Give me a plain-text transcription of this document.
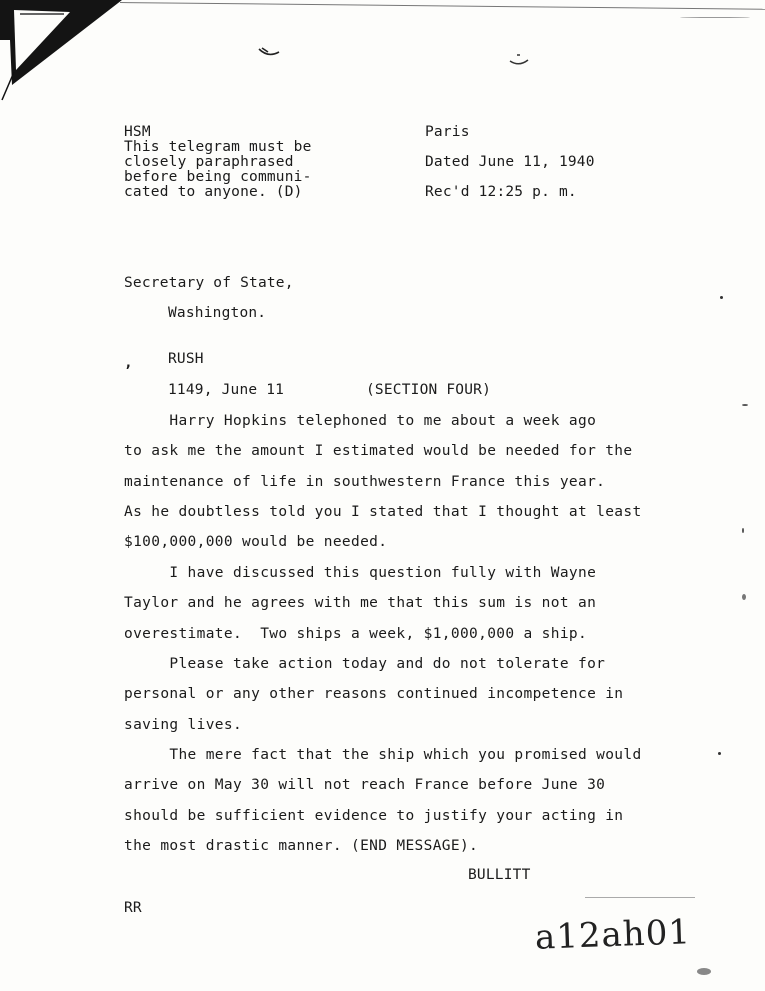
HSM
This telegram must be
closely paraphrased
before being communi-
cated to anyone. (D)
Paris
Dated June 11, 1940
Rec'd 12:25 p. m.
Secretary of State,
Washington.
, RUSH
1149, June 11	(SECTION FOUR)
Harry Hopkins telephoned to me about a week ago
to ask me the amount I estimated would be needed for the
maintenance of life in southwestern France this year.
As he doubtless told you I stated that I thought at least
$100,000,000 would be needed.
I have discussed this question fully with Wayne
Taylor and he agrees with me that this sum is not an
overestimate.  Two ships a week, $1,000,000 a ship.
Please take action today and do not tolerate for
personal or any other reasons continued incompetence in
saving lives.
The mere fact that the ship which you promised would
arrive on May 30 will not reach France before June 30
should be sufficient evidence to justify your acting in
the most drastic manner. (END MESSAGE).
BULLITT
RR
a12ah01
